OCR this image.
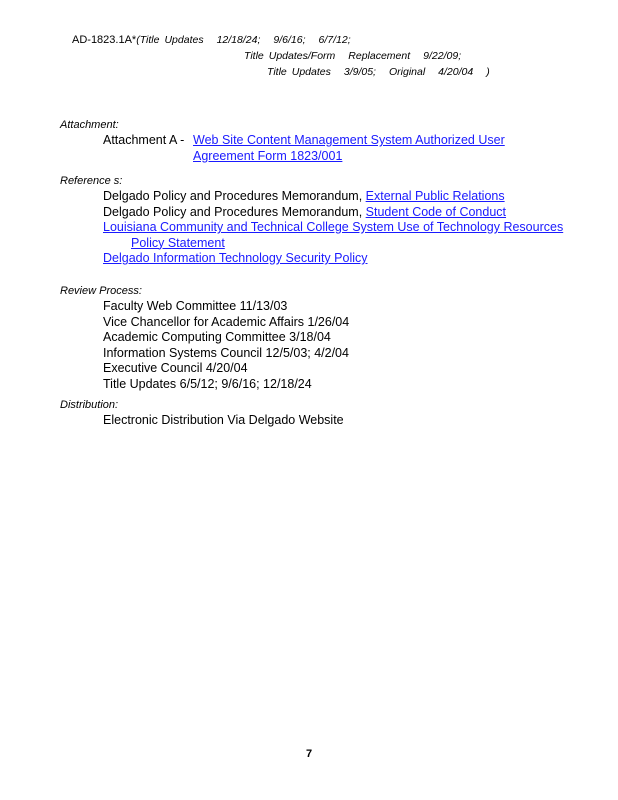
AD-1823.1A*(Title Updates 12/18/24; 9/6/16; 6/7/12;
Title Updates/Form Replacement 9/22/09;
Title Updates 3/9/05; Original 4/20/04 )
Attachment:
Attachment A - Web Site Content Management System Authorized User
Agreement Form 1823/001
Reference s:
Delgado Policy and Procedures Memorandum, External Public Relations
Delgado Policy and Procedures Memorandum, Student Code of Conduct
Louisiana Community and Technical College System Use of Technology Resources
Policy Statement
Delgado Information Technology Security Policy
Review Process:
Faculty Web Committee 11/13/03
Vice Chancellor for Academic Affairs 1/26/04
Academic Computing Committee 3/18/04
Information Systems Council 12/5/03; 4/2/04
Executive Council 4/20/04
Title Updates 6/5/12; 9/6/16; 12/18/24
Distribution:
Electronic Distribution Via Delgado Website
7
